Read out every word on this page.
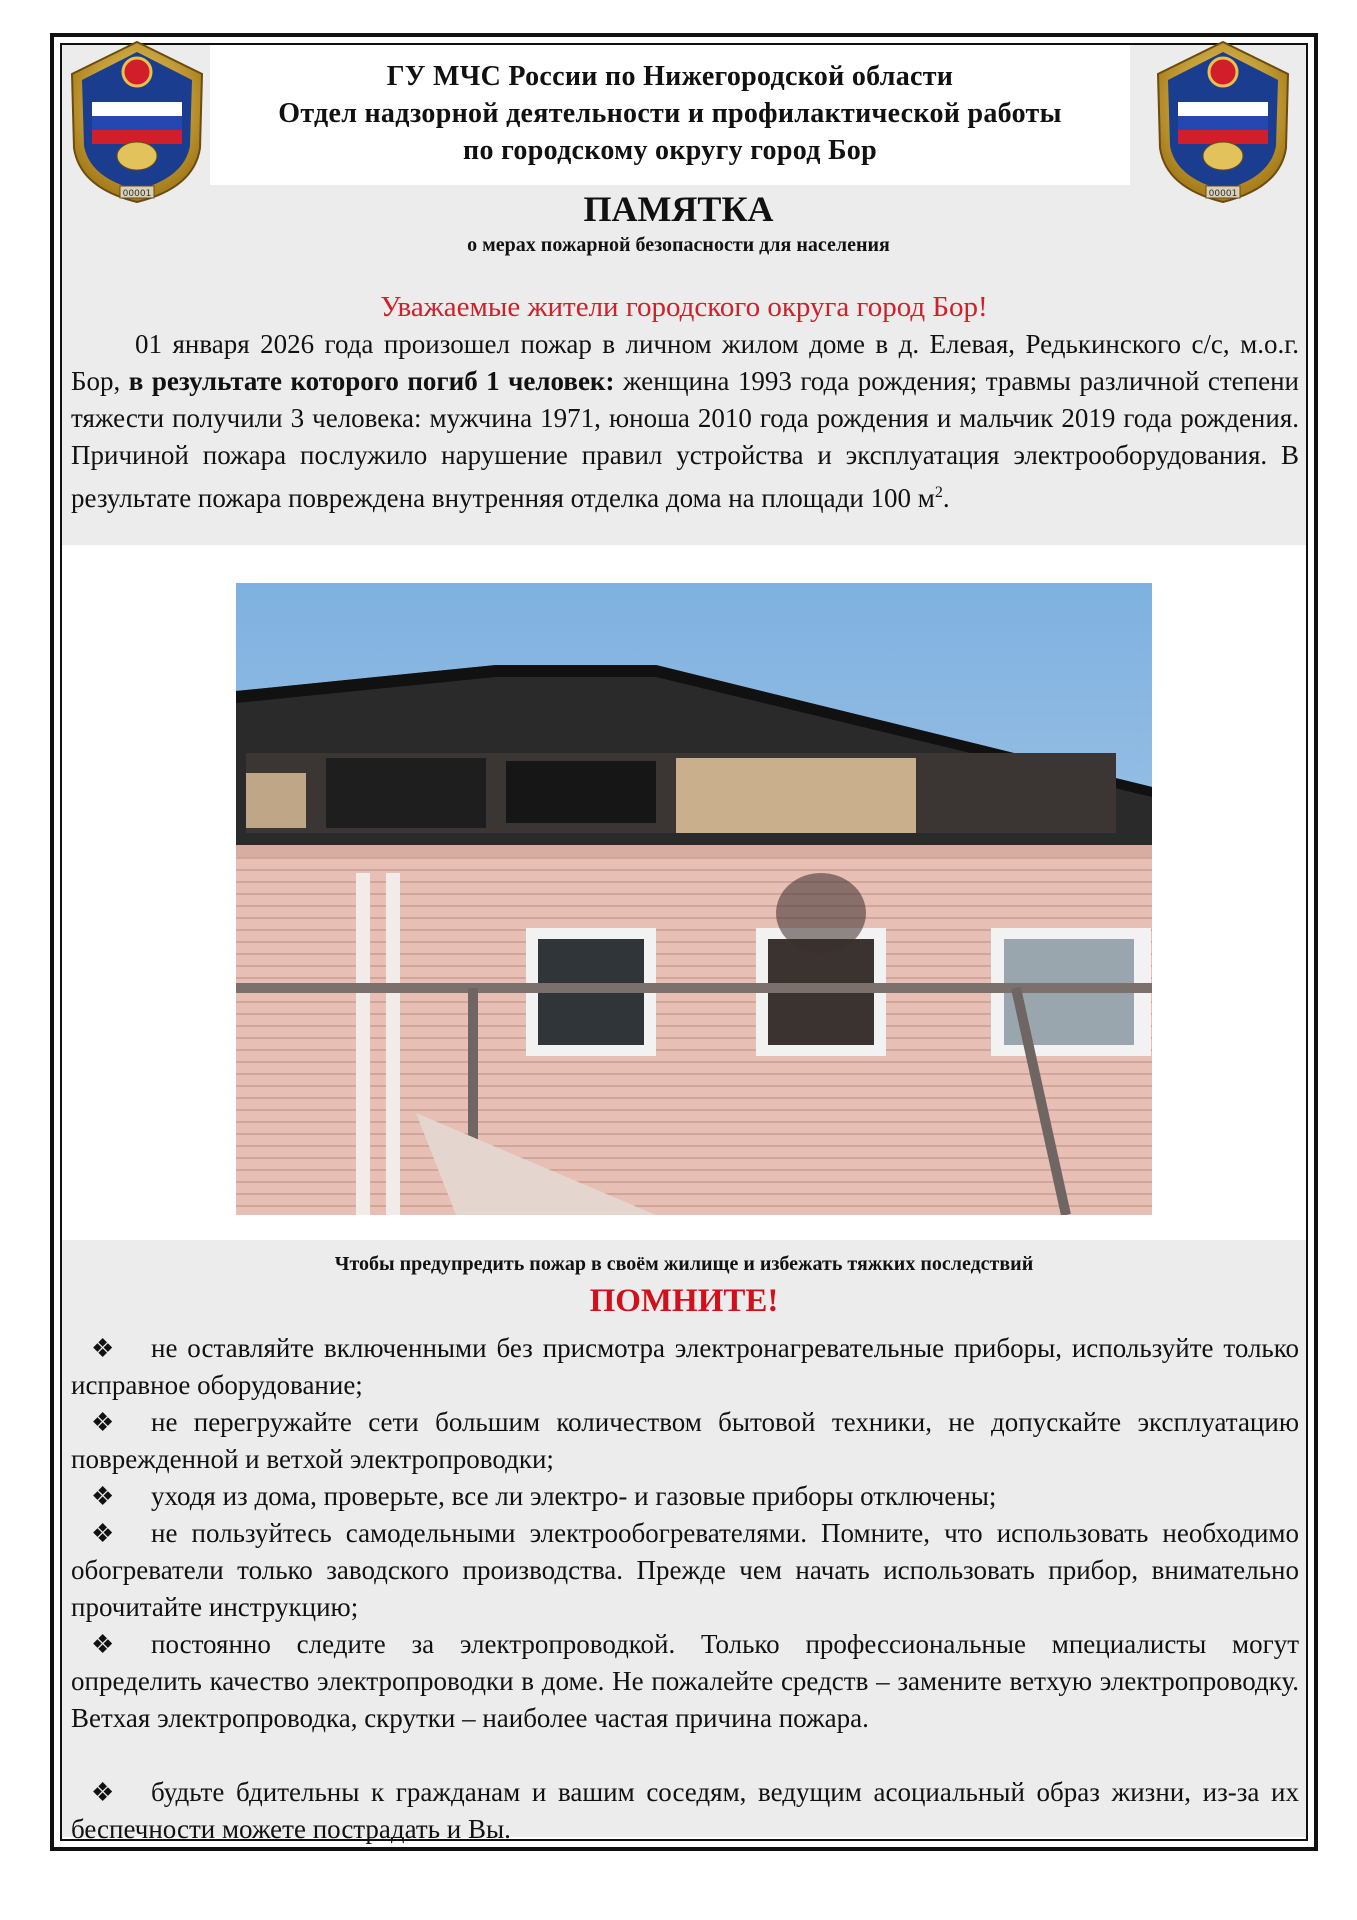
00001	00001
ГУ МЧС России по Нижегородской области
Отдел надзорной деятельности и профилактической работы
по городскому округу город Бор
ПАМЯТКА
о мерах пожарной безопасности для населения
Уважаемые жители городского округа город Бор!

01 января 2026 года произошел пожар в личном жилом доме в д. Елевая, Редькинского с/с, м.о.г. Бор, в результате которого погиб 1 человек: женщина 1993 года рождения; травмы различной степени тяжести получили 3 человека: мужчина 1971, юноша 2010 года рождения и мальчик 2019 года рождения. Причиной пожара послужило нарушение правил устройства и эксплуатация электрооборудования. В результате пожара повреждена внутренняя отделка дома на площади 100 $м^2$.

Чтобы предупредить пожар в своём жилище и избежать тяжких последствий
ПОМНИТЕ!
❖ не оставляйте включенными без присмотра электронагревательные приборы, используйте только исправное оборудование;
❖ не перегружайте сети большим количеством бытовой техники, не допускайте эксплуатацию поврежденной и ветхой электропроводки;
❖ уходя из дома, проверьте, все ли электро- и газовые приборы отключены;
❖ не пользуйтесь самодельными электрообогревателями. Помните, что использовать необходимо обогреватели только заводского производства. Прежде чем начать использовать прибор, внимательно прочитайте инструкцию;
❖ постоянно следите за электропроводкой. Только профессиональные мпециалисты могут определить качество электропроводки в доме. Не пожалейте средств – замените ветхую электропроводку. Ветхая электропроводка, скрутки – наиболее частая причина пожара.
❖ будьте бдительны к гражданам и вашим соседям, ведущим асоциальный образ жизни, из-за их беспечности можете пострадать и Вы.
